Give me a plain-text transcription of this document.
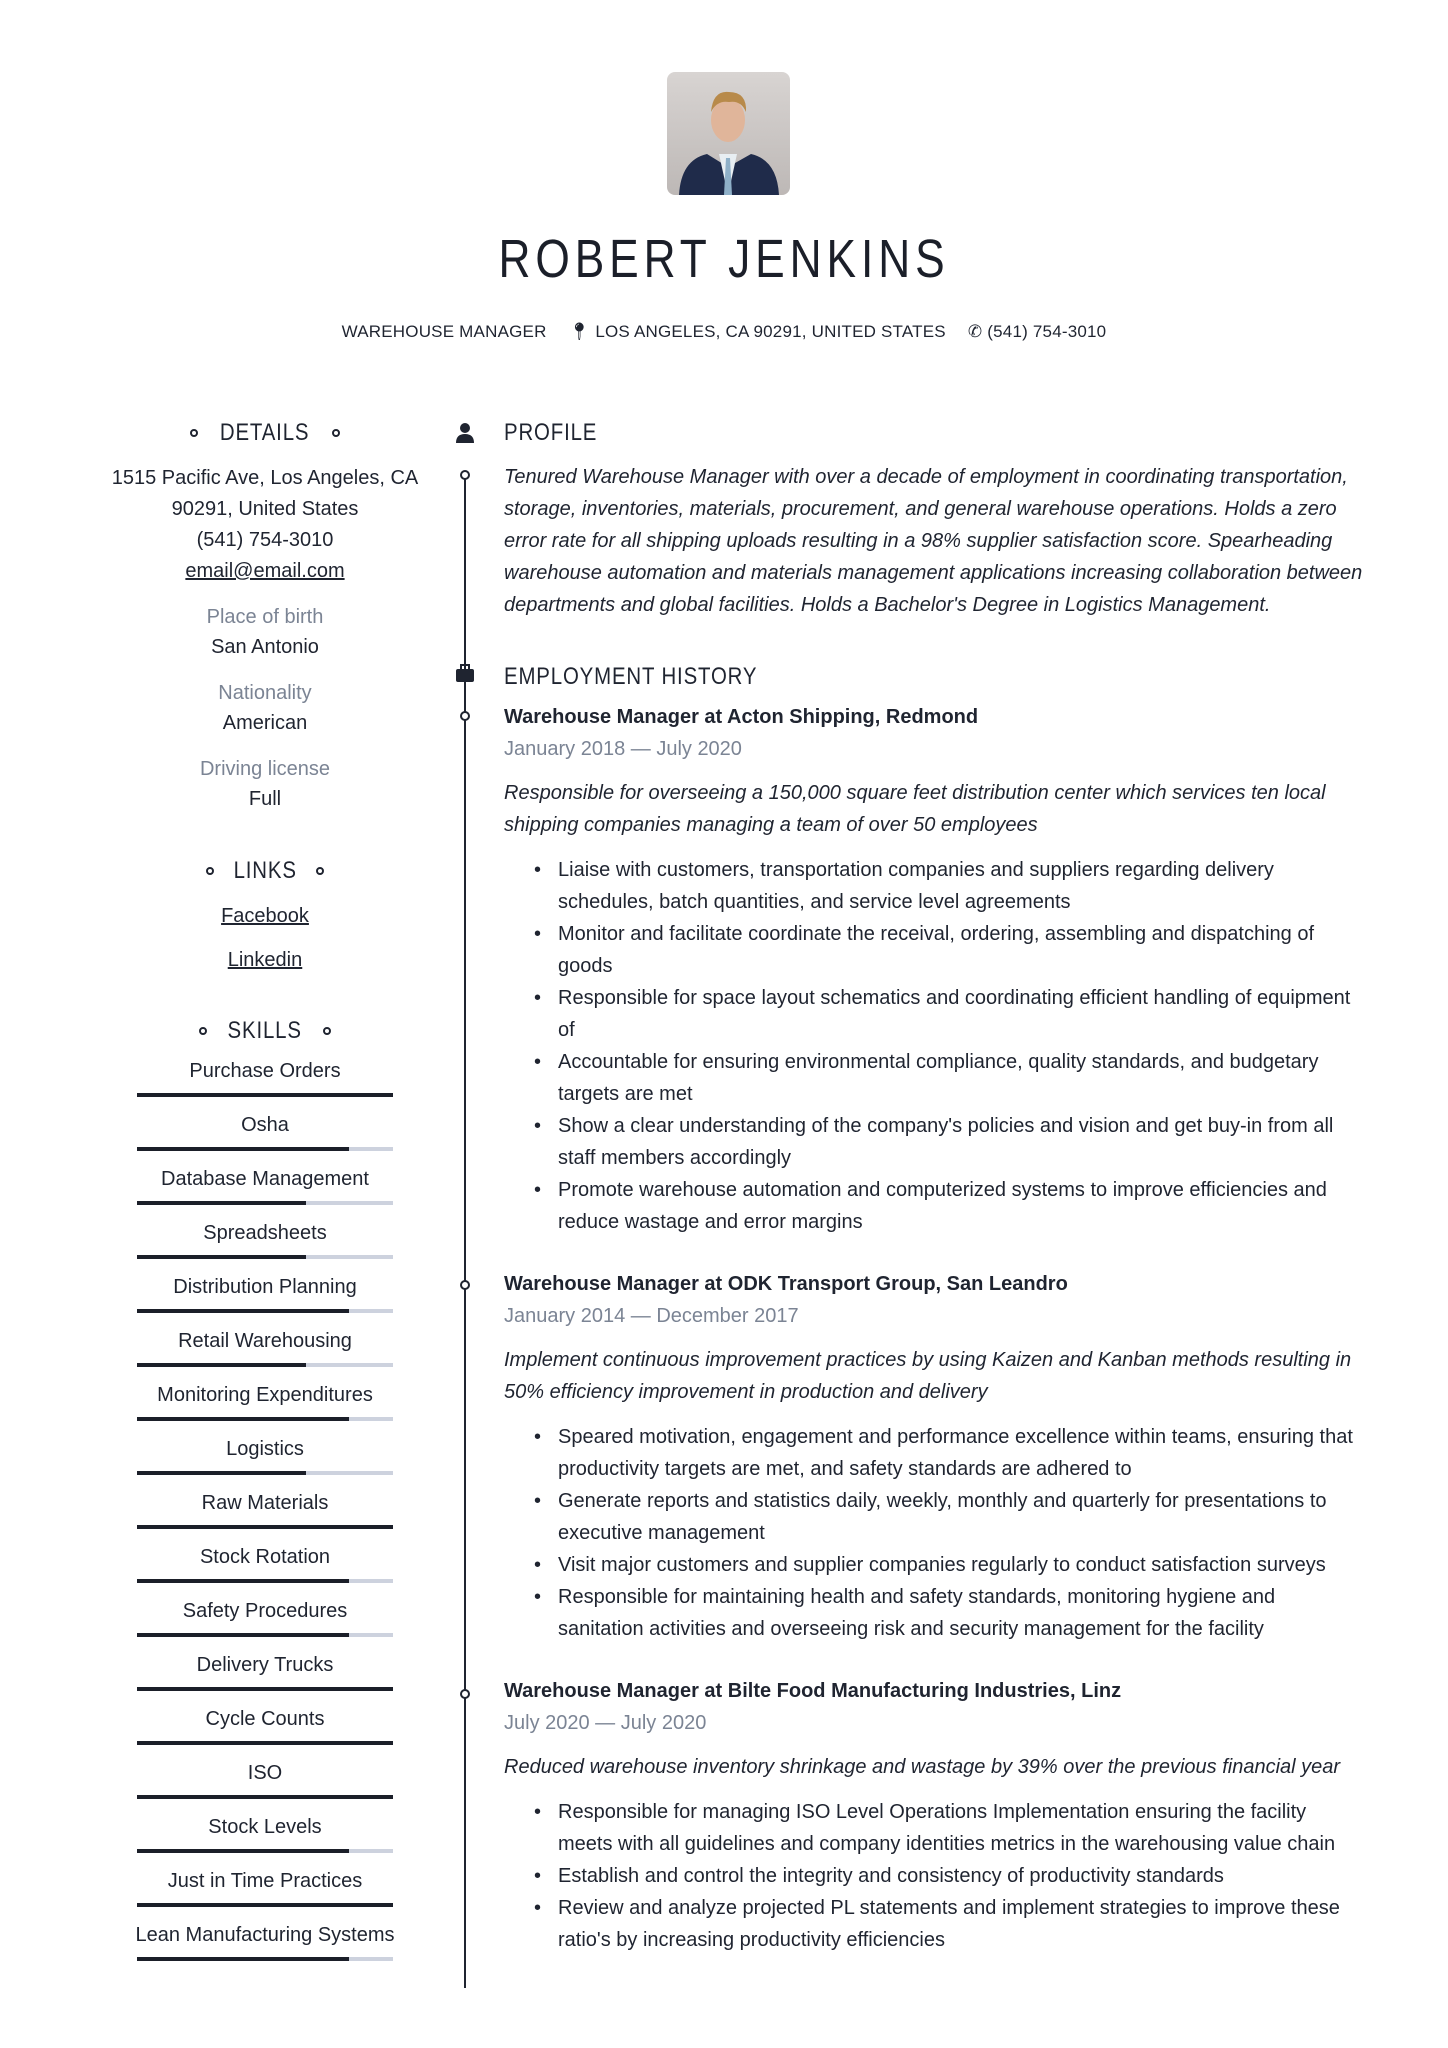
ROBERT JENKINS
WAREHOUSE MANAGER 📍︎ LOS ANGELES, CA 90291, UNITED STATES ✆ (541) 754-3010
DETAILS
1515 Pacific Ave, Los Angeles, CA
90291, United States
(541) 754-3010
email@email.com
Place of birth
San Antonio
Nationality
American
Driving license
Full
LINKS
Facebook
Linkedin
SKILLS
Purchase Orders
Osha
Database Management
Spreadsheets
Distribution Planning
Retail Warehousing
Monitoring Expenditures
Logistics
Raw Materials
Stock Rotation
Safety Procedures
Delivery Trucks
Cycle Counts
ISO
Stock Levels
Just in Time Practices
Lean Manufacturing Systems
PROFILE

Tenured Warehouse Manager with over a decade of employment in coordinating transportation, storage, inventories, materials, procurement, and general warehouse operations. Holds a zero error rate for all shipping uploads resulting in a 98% supplier satisfaction score. Spearheading warehouse automation and materials management applications increasing collaboration between departments and global facilities. Holds a Bachelor's Degree in Logistics Management.

EMPLOYMENT HISTORY
Warehouse Manager at Acton Shipping, Redmond
January 2018 — July 2020

Responsible for overseeing a 150,000 square feet distribution center which services ten local shipping companies managing a team of over 50 employees

• Liaise with customers, transportation companies and suppliers regarding delivery schedules, batch quantities, and service level agreements
• Monitor and facilitate coordinate the receival, ordering, assembling and dispatching of goods
• Responsible for space layout schematics and coordinating efficient handling of equipment of
• Accountable for ensuring environmental compliance, quality standards, and budgetary targets are met
• Show a clear understanding of the company's policies and vision and get buy-in from all staff members accordingly
• Promote warehouse automation and computerized systems to improve efficiencies and reduce wastage and error margins
Warehouse Manager at ODK Transport Group, San Leandro
January 2014 — December 2017

Implement continuous improvement practices by using Kaizen and Kanban methods resulting in 50% efficiency improvement in production and delivery

• Speared motivation, engagement and performance excellence within teams, ensuring that productivity targets are met, and safety standards are adhered to
• Generate reports and statistics daily, weekly, monthly and quarterly for presentations to executive management
• Visit major customers and supplier companies regularly to conduct satisfaction surveys
• Responsible for maintaining health and safety standards, monitoring hygiene and sanitation activities and overseeing risk and security management for the facility
Warehouse Manager at Bilte Food Manufacturing Industries, Linz
July 2020 — July 2020

Reduced warehouse inventory shrinkage and wastage by 39% over the previous financial year

• Responsible for managing ISO Level Operations Implementation ensuring the facility meets with all guidelines and company identities metrics in the warehousing value chain
• Establish and control the integrity and consistency of productivity standards
• Review and analyze projected PL statements and implement strategies to improve these ratio's by increasing productivity efficiencies
